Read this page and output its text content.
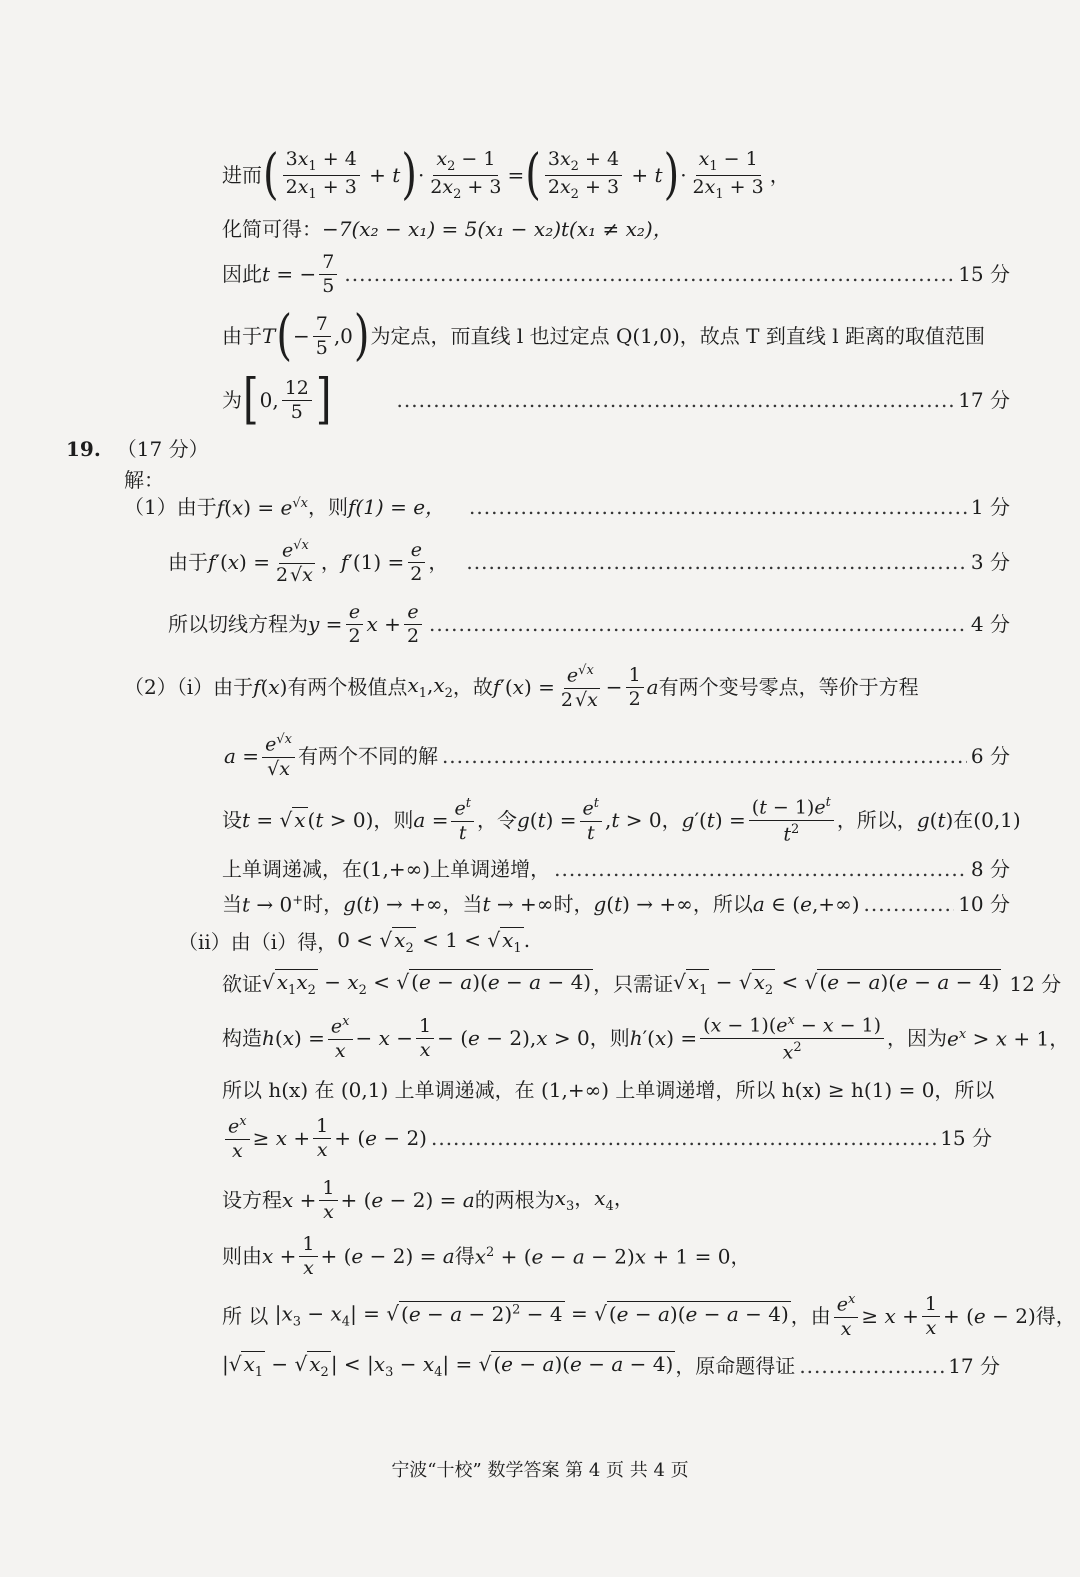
进而 ( $\frac{3x_1 + 4}{2x_1 + 3} + t$ ) · $\frac{x_2 - 1}{2x_2 + 3}$ = ( $\frac{3x_2 + 4}{2x_2 + 3} + t$ ) · $\frac{x_1 - 1}{2x_1 + 3}$ ，
化简可得： −7(x₂ − x₁) = 5(x₁ − x₂)t(x₁ ≠ x₂)，
因此 t = − $\frac{7}{5}$ .....	15 分
由于 T ( − $\frac{7}{5} ,0$ ) 为定点，而直线 l 也过定点 Q(1,0)，故点 T 到直线 l 距离的取值范围
为 [ 0, $\frac{12}{5}$ ] .....	17 分
19. （17 分）
解：
（1）由于 $f(x) = e^{√x}$ ，则 f(1) = e， .....	1 分
由于 $f'(x) = \frac{e^{√x}}{2 √x}$ ，$f'(1) = \frac{e}{2}$ ， .....	3 分
所以切线方程为 $y = \frac{e}{2}$ $x + \frac{e}{2}$ .....	4 分
（2）（i）由于 f(x) 有两个极值点 $x_1,x_2$ ，故 $f'(x) = \frac{e^{√x}}{2 √x} - \frac{1}{2}$ a 有两个变号零点，等价于方程
$a = \frac{e^{√x}}{√x}$ 有两个不同的解 .....	6 分
设 t = √ x (t > 0) ，则 $a = \frac{e^t}{t}$ ，令 $g(t) = \frac{e^t}{t} ,t > 0$，$g'(t) = \frac{(t - 1)e^t}{t^2}$ ，所以， g(t) 在(0,1)
上单调递减，在(1,+∞)上单调递增， .....	8 分
当 t → 0+ 时， g(t) → +∞ ，当 t → +∞ 时， g(t) → +∞ ，所以 a ∈ (e,+∞) .....	10 分
（ii）由（i）得， 0 < √ $x_2 < 1$ < √ $x_1$ .
欲证 √ $x_1x_2 - x_2$ < √ (e − a)(e − a − 4) ，只需证 √ $x_1$ − √ $x_2$ < √ (e − a)(e − a − 4) 12 分
构造 $h(x) = \frac{e^x}{x} - x - \frac{1}{x} - (e - 2),x > 0$ ，则 $h'(x) = \frac{(x - 1)(e^x - x - 1)}{x^2}$ ，因为 $e^x > x + 1$，
所以 h(x) 在 (0,1) 上单调递减，在 (1,+∞) 上单调递增，所以 h(x) ≥ h(1) = 0，所以
$\frac{e^x}{x} \ge x + \frac{1}{x} + (e - 2)$ .....	15 分
设方程 $x + \frac{1}{x} + (e - 2) = a$ 的两根为 $x_3$，$x_4$，
则由 $x + \frac{1}{x} + (e - 2) = a$ 得 $x^2 + (e - a - 2)x + 1 = 0$，
所 以 $|x_3 - x_4|$ = √ $(e - a - 2)^2 - 4$ = √ (e − a)(e − a − 4) ，由 $\frac{e^x}{x} \ge x + \frac{1}{x} + (e - 2)$ 得，
|√ $x_1$ − √ $x_2$ | < $|x_3 - x_4|$ = √ (e − a)(e − a − 4) ，原命题得证 .....	17 分
宁波“十校” 数学答案 第 4 页 共 4 页
